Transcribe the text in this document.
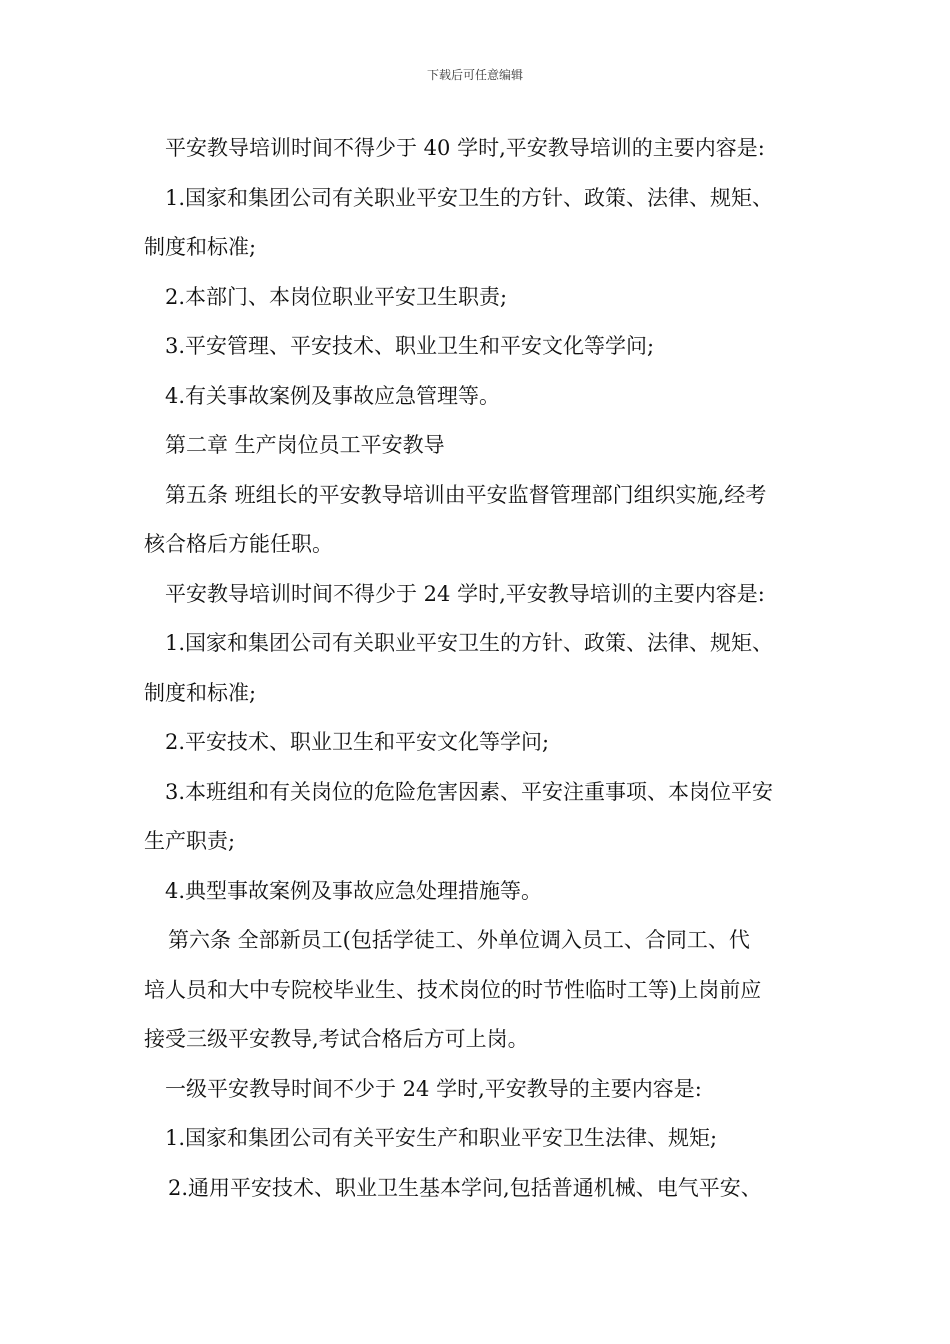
下载后可任意编辑
平安教导培训时间不得少于 40 学时,平安教导培训的主要内容是:
1.国家和集团公司有关职业平安卫生的方针、政策、法律、规矩、
制度和标准;
2.本部门、本岗位职业平安卫生职责;
3.平安管理、平安技术、职业卫生和平安文化等学问;
4.有关事故案例及事故应急管理等。
第二章 生产岗位员工平安教导
第五条 班组长的平安教导培训由平安监督管理部门组织实施,经考
核合格后方能任职。
平安教导培训时间不得少于 24 学时,平安教导培训的主要内容是:
1.国家和集团公司有关职业平安卫生的方针、政策、法律、规矩、
制度和标准;
2.平安技术、职业卫生和平安文化等学问;
3.本班组和有关岗位的危险危害因素、平安注重事项、本岗位平安
生产职责;
4.典型事故案例及事故应急处理措施等。
第六条 全部新员工(包括学徒工、外单位调入员工、合同工、代
培人员和大中专院校毕业生、技术岗位的时节性临时工等)上岗前应
接受三级平安教导,考试合格后方可上岗。
一级平安教导时间不少于 24 学时,平安教导的主要内容是:
1.国家和集团公司有关平安生产和职业平安卫生法律、规矩;
2.通用平安技术、职业卫生基本学问,包括普通机械、电气平安、
